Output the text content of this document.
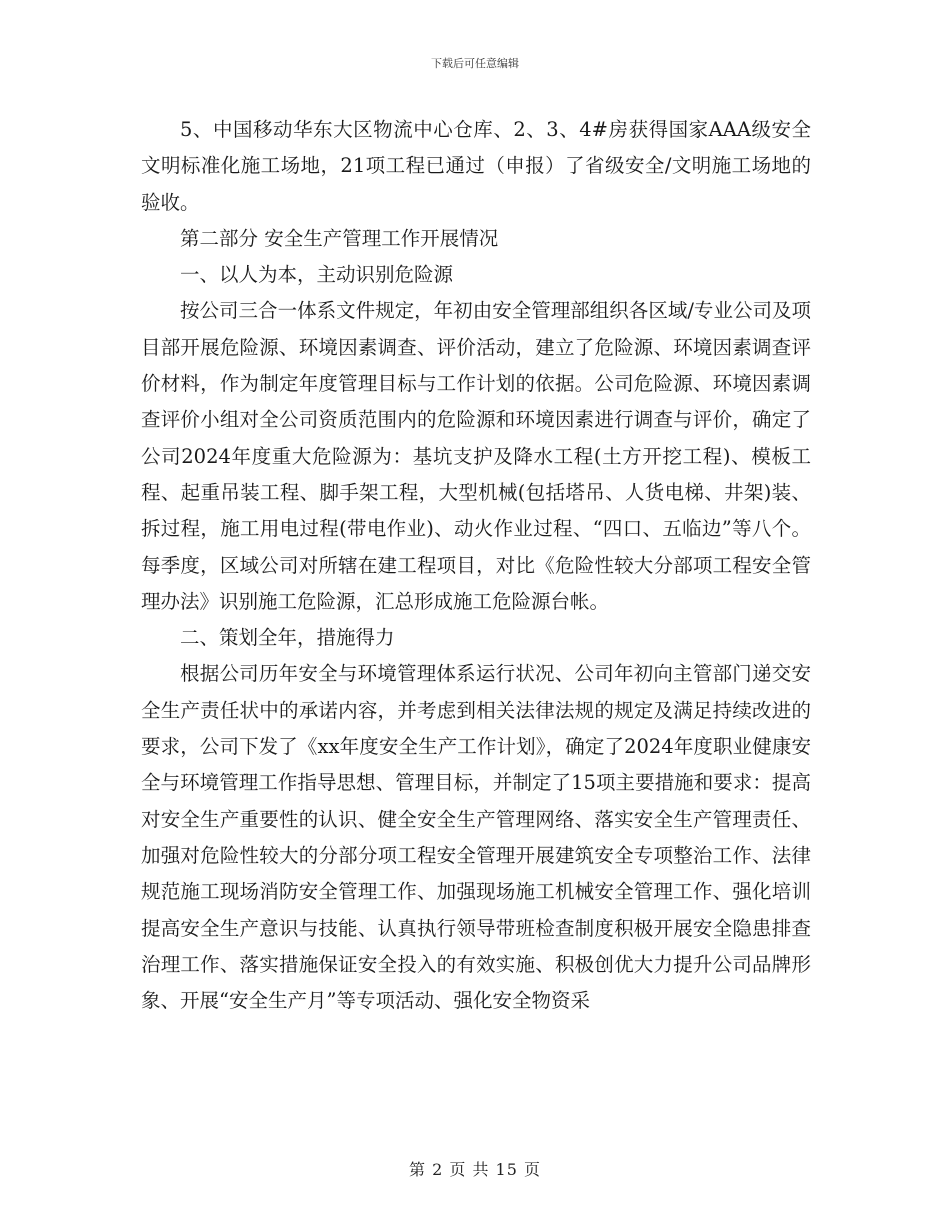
下载后可任意编辑

5、中国移动华东大区物流中心仓库、2、3、4#房获得国家AAA级安全文明标准化施工场地，21项工程已通过（申报）了省级安全/文明施工场地的验收。

第二部分 安全生产管理工作开展情况

一、以人为本，主动识别危险源

按公司三合一体系文件规定，年初由安全管理部组织各区域/专业公司及项目部开展危险源、环境因素调查、评价活动，建立了危险源、环境因素调查评价材料，作为制定年度管理目标与工作计划的依据。公司危险源、环境因素调查评价小组对全公司资质范围内的危险源和环境因素进行调查与评价，确定了公司2024年度重大危险源为：基坑支护及降水工程(土方开挖工程)、模板工程、起重吊装工程、脚手架工程，大型机械(包括塔吊、人货电梯、井架)装、拆过程，施工用电过程(带电作业)、动火作业过程、“四口、五临边”等八个。每季度，区域公司对所辖在建工程项目，对比《危险性较大分部项工程安全管理办法》识别施工危险源，汇总形成施工危险源台帐。

二、策划全年，措施得力

根据公司历年安全与环境管理体系运行状况、公司年初向主管部门递交安全生产责任状中的承诺内容，并考虑到相关法律法规的规定及满足持续改进的要求，公司下发了《xx年度安全生产工作计划》，确定了2024年度职业健康安全与环境管理工作指导思想、管理目标，并制定了15项主要措施和要求：提高对安全生产重要性的认识、健全安全生产管理网络、落实安全生产管理责任、加强对危险性较大的分部分项工程安全管理开展建筑安全专项整治工作、法律规范施工现场消防安全管理工作、加强现场施工机械安全管理工作、强化培训提高安全生产意识与技能、认真执行领导带班检查制度积极开展安全隐患排查治理工作、落实措施保证安全投入的有效实施、积极创优大力提升公司品牌形象、开展“安全生产月”等专项活动、强化安全物资采

第 2 页 共 15 页
